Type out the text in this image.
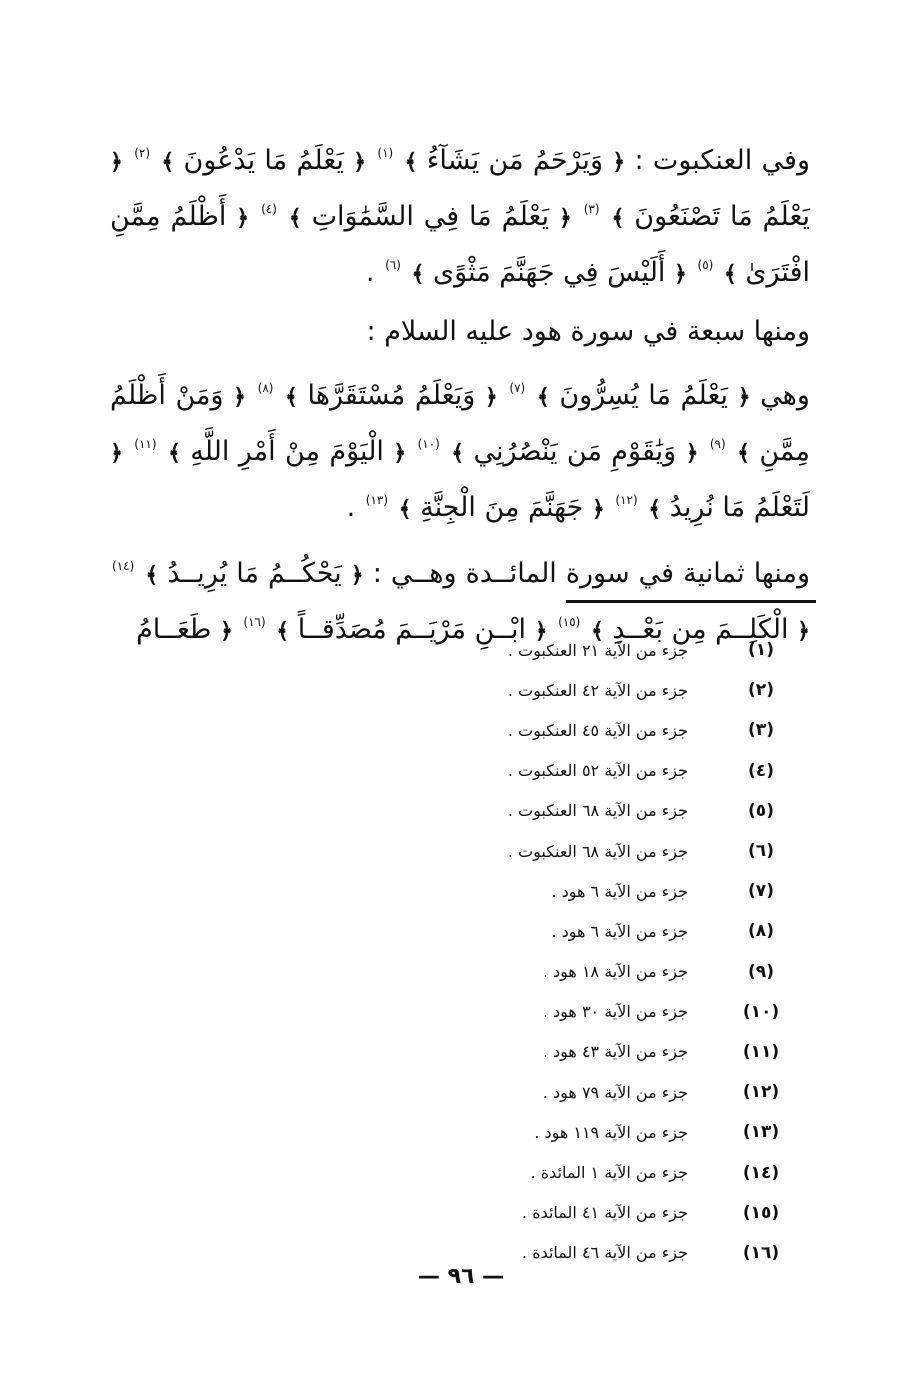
وفي العنكبوت : ﴿ وَيَرْحَمُ مَن يَشَآءُ ﴾ $^{(١)}$ ﴿ يَعْلَمُ مَا يَدْعُونَ ﴾ $^{(٢)}$ ﴿ يَعْلَمُ مَا تَصْنَعُونَ ﴾ $^{(٣)}$ ﴿ يَعْلَمُ مَا فِي السَّمَٰوَاتِ ﴾ $^{(٤)}$ ﴿ أَظْلَمُ مِمَّنِ افْتَرَىٰ ﴾ $^{(٥)}$ ﴿ أَلَيْسَ فِي جَهَنَّمَ مَثْوًى ﴾ $^{(٦)}$ .

ومنها سبعة في سورة هود عليه السلام :

وهي ﴿ يَعْلَمُ مَا يُسِرُّونَ ﴾ $^{(٧)}$ ﴿ وَيَعْلَمُ مُسْتَقَرَّهَا ﴾ $^{(٨)}$ ﴿ وَمَنْ أَظْلَمُ مِمَّنِ ﴾ $^{(٩)}$ ﴿ وَيَٰقَوْمِ مَن يَنْصُرُنِي ﴾ $^{(١٠)}$ ﴿ الْيَوْمَ مِنْ أَمْرِ اللَّهِ ﴾ $^{(١١)}$ ﴿ لَتَعْلَمُ مَا نُرِيدُ ﴾ $^{(١٢)}$ ﴿ جَهَنَّمَ مِنَ الْجِنَّةِ ﴾ $^{(١٣)}$ .

ومنها ثمانية في سورة المائــدة وهــي : ﴿ يَحْكُــمُ مَا يُرِيــدُ ﴾ $^{(١٤)}$ ﴿ الْكَلِــمَ مِن بَعْــدِ ﴾ $^{(١٥)}$ ﴿ ابْــنِ مَرْيَــمَ مُصَدِّقــاً ﴾ $^{(١٦)}$ ﴿ طَعَــامُ

(١)
جزء من الآية ٢١ العنكبوت .
(٢)
جزء من الآية ٤٢ العنكبوت .
(٣)
جزء من الآية ٤٥ العنكبوت .
(٤)
جزء من الآية ٥٢ العنكبوت .
(٥)
جزء من الآية ٦٨ العنكبوت .
(٦)
جزء من الآية ٦٨ العنكبوت .
(٧)
جزء من الآية ٦ هود .
(٨)
جزء من الآية ٦ هود .
(٩)
جزء من الآية ١٨ هود .
(١٠)
جزء من الآية ٣٠ هود .
(١١)
جزء من الآية ٤٣ هود .
(١٢)
جزء من الآية ٧٩ هود .
(١٣)
جزء من الآية ١١٩ هود .
(١٤)
جزء من الآية ١ المائدة .
(١٥)
جزء من الآية ٤١ المائدة .
(١٦)
جزء من الآية ٤٦ المائدة .
— ٩٦ —
